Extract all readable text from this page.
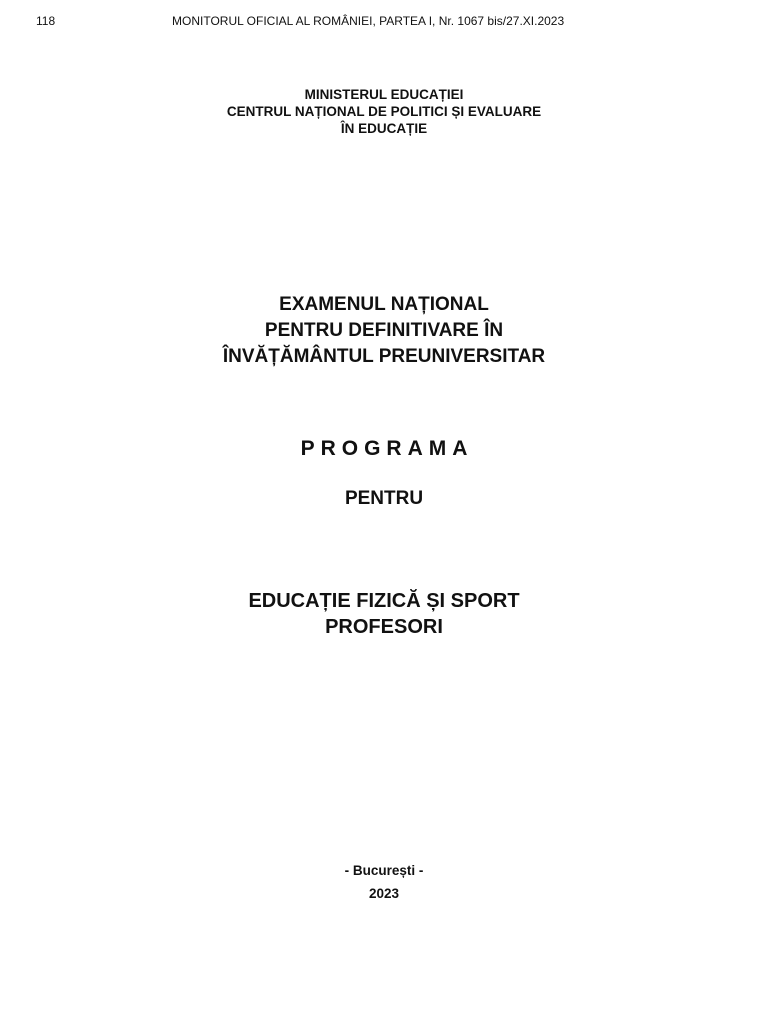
118	MONITORUL OFICIAL AL ROMÂNIEI, PARTEA I, Nr. 1067 bis/27.XI.2023
MINISTERUL EDUCAȚIEI
CENTRUL NAȚIONAL DE POLITICI ȘI EVALUARE
ÎN EDUCAȚIE
EXAMENUL NAȚIONAL
PENTRU DEFINITIVARE ÎN
ÎNVĂȚĂMÂNTUL PREUNIVERSITAR
PROGRAMA
PENTRU
EDUCAȚIE FIZICĂ ȘI SPORT
PROFESORI
- București -
2023
